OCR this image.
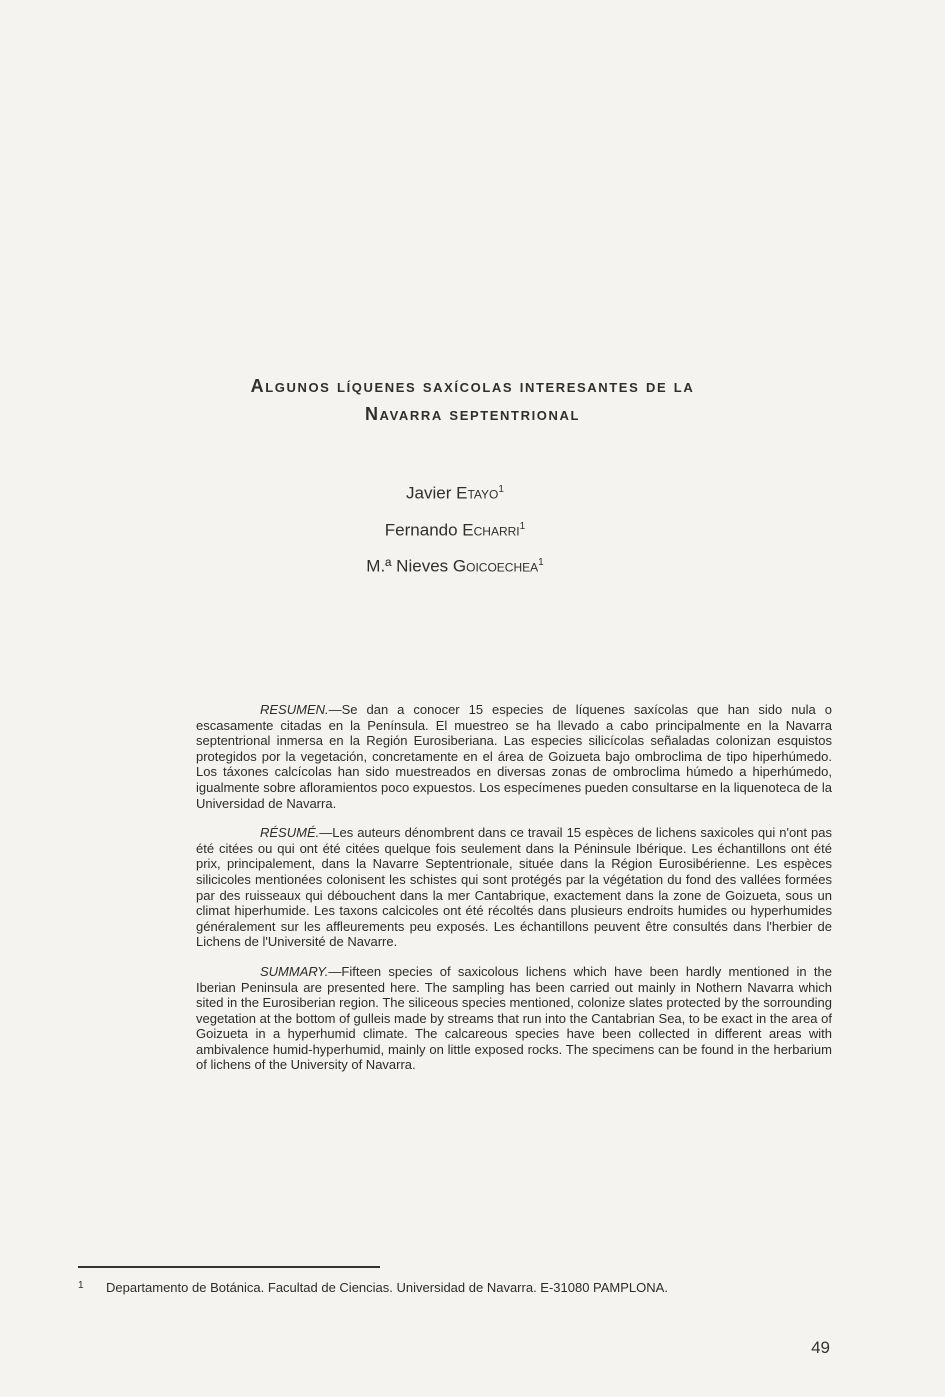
Algunos líquenes saxícolas interesantes de la
Navarra septentrional
Javier Etayo$^1$
Fernando Echarri$^1$
M.ª Nieves Goicoechea$^1$

RESUMEN.—Se dan a conocer 15 especies de líquenes saxícolas que han sido nula o escasamente citadas en la Península. El muestreo se ha llevado a cabo principalmente en la Navarra septentrional inmersa en la Región Eurosiberiana. Las especies silicícolas señaladas colonizan esquistos protegidos por la vegetación, concretamente en el área de Goizueta bajo ombroclima de tipo hiperhúmedo. Los táxones calcícolas han sido muestreados en diversas zonas de ombroclima húmedo a hiperhúmedo, igualmente sobre afloramientos poco expuestos. Los especímenes pueden consultarse en la liquenoteca de la Universidad de Navarra.

RÉSUMÉ.—Les auteurs dénombrent dans ce travail 15 espèces de lichens saxicoles qui n'ont pas été citées ou qui ont été citées quelque fois seulement dans la Péninsule Ibérique. Les échantillons ont été prix, principalement, dans la Navarre Septentrionale, située dans la Région Eurosibérienne. Les espèces silicicoles mentionées colonisent les schistes qui sont protégés par la végétation du fond des vallées formées par des ruisseaux qui débouchent dans la mer Cantabrique, exactement dans la zone de Goizueta, sous un climat hiperhumide. Les taxons calcicoles ont été récoltés dans plusieurs endroits humides ou hyperhumides généralement sur les affleurements peu exposés. Les échantillons peuvent être consultés dans l'herbier de Lichens de l'Université de Navarre.

SUMMARY.—Fifteen species of saxicolous lichens which have been hardly mentioned in the Iberian Peninsula are presented here. The sampling has been carried out mainly in Nothern Navarra which sited in the Eurosiberian region. The siliceous species mentioned, colonize slates protected by the sorrounding vegetation at the bottom of gulleis made by streams that run into the Cantabrian Sea, to be exact in the area of Goizueta in a hyperhumid climate. The calcareous species have been collected in different areas with ambivalence humid-hyperhumid, mainly on little exposed rocks. The specimens can be found in the herbarium of lichens of the University of Navarra.

1 Departamento de Botánica. Facultad de Ciencias. Universidad de Navarra. E-31080 PAMPLONA.
49
